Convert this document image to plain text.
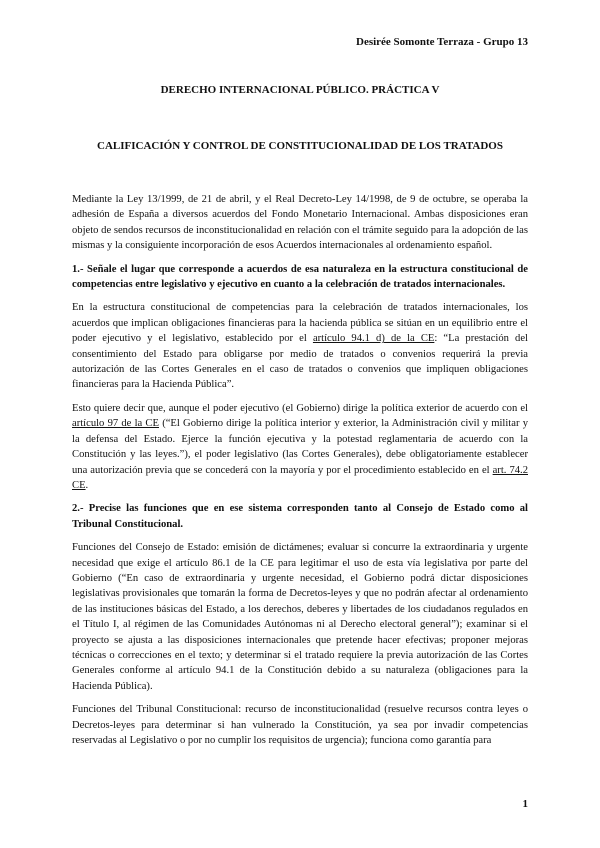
Desirée Somonte Terraza - Grupo 13
DERECHO INTERNACIONAL PÚBLICO. PRÁCTICA V
CALIFICACIÓN Y CONTROL DE CONSTITUCIONALIDAD DE LOS TRATADOS

Mediante la Ley 13/1999, de 21 de abril, y el Real Decreto-Ley 14/1998, de 9 de octubre, se operaba la adhesión de España a diversos acuerdos del Fondo Monetario Internacional. Ambas disposiciones eran objeto de sendos recursos de inconstitucionalidad en relación con el trámite seguido para la adopción de las mismas y la consiguiente incorporación de esos Acuerdos internacionales al ordenamiento español.

1.- Señale el lugar que corresponde a acuerdos de esa naturaleza en la estructura constitucional de competencias entre legislativo y ejecutivo en cuanto a la celebración de tratados internacionales.

En la estructura constitucional de competencias para la celebración de tratados internacionales, los acuerdos que implican obligaciones financieras para la hacienda pública se sitúan en un equilibrio entre el poder ejecutivo y el legislativo, establecido por el artículo 94.1 d) de la CE: “La prestación del consentimiento del Estado para obligarse por medio de tratados o convenios requerirá la previa autorización de las Cortes Generales en el caso de tratados o convenios que impliquen obligaciones financieras para la Hacienda Pública”.

Esto quiere decir que, aunque el poder ejecutivo (el Gobierno) dirige la política exterior de acuerdo con el artículo 97 de la CE (“El Gobierno dirige la política interior y exterior, la Administración civil y militar y la defensa del Estado. Ejerce la función ejecutiva y la potestad reglamentaria de acuerdo con la Constitución y las leyes.”), el poder legislativo (las Cortes Generales), debe obligatoriamente establecer una autorización previa que se concederá con la mayoría y por el procedimiento establecido en el art. 74.2 CE.

2.- Precise las funciones que en ese sistema corresponden tanto al Consejo de Estado como al Tribunal Constitucional.

Funciones del Consejo de Estado: emisión de dictámenes; evaluar si concurre la extraordinaria y urgente necesidad que exige el artículo 86.1 de la CE para legitimar el uso de esta vía legislativa por parte del Gobierno (“En caso de extraordinaria y urgente necesidad, el Gobierno podrá dictar disposiciones legislativas provisionales que tomarán la forma de Decretos-leyes y que no podrán afectar al ordenamiento de las instituciones básicas del Estado, a los derechos, deberes y libertades de los ciudadanos regulados en el Título I, al régimen de las Comunidades Autónomas ni al Derecho electoral general”); examinar si el proyecto se ajusta a las disposiciones internacionales que pretende hacer efectivas; proponer mejoras técnicas o correcciones en el texto; y determinar si el tratado requiere la previa autorización de las Cortes Generales conforme al artículo 94.1 de la Constitución debido a su naturaleza (obligaciones para la Hacienda Pública).

Funciones del Tribunal Constitucional: recurso de inconstitucionalidad (resuelve recursos contra leyes o Decretos-leyes para determinar si han vulnerado la Constitución, ya sea por invadir competencias reservadas al Legislativo o por no cumplir los requisitos de urgencia); funciona como garantía para

1
